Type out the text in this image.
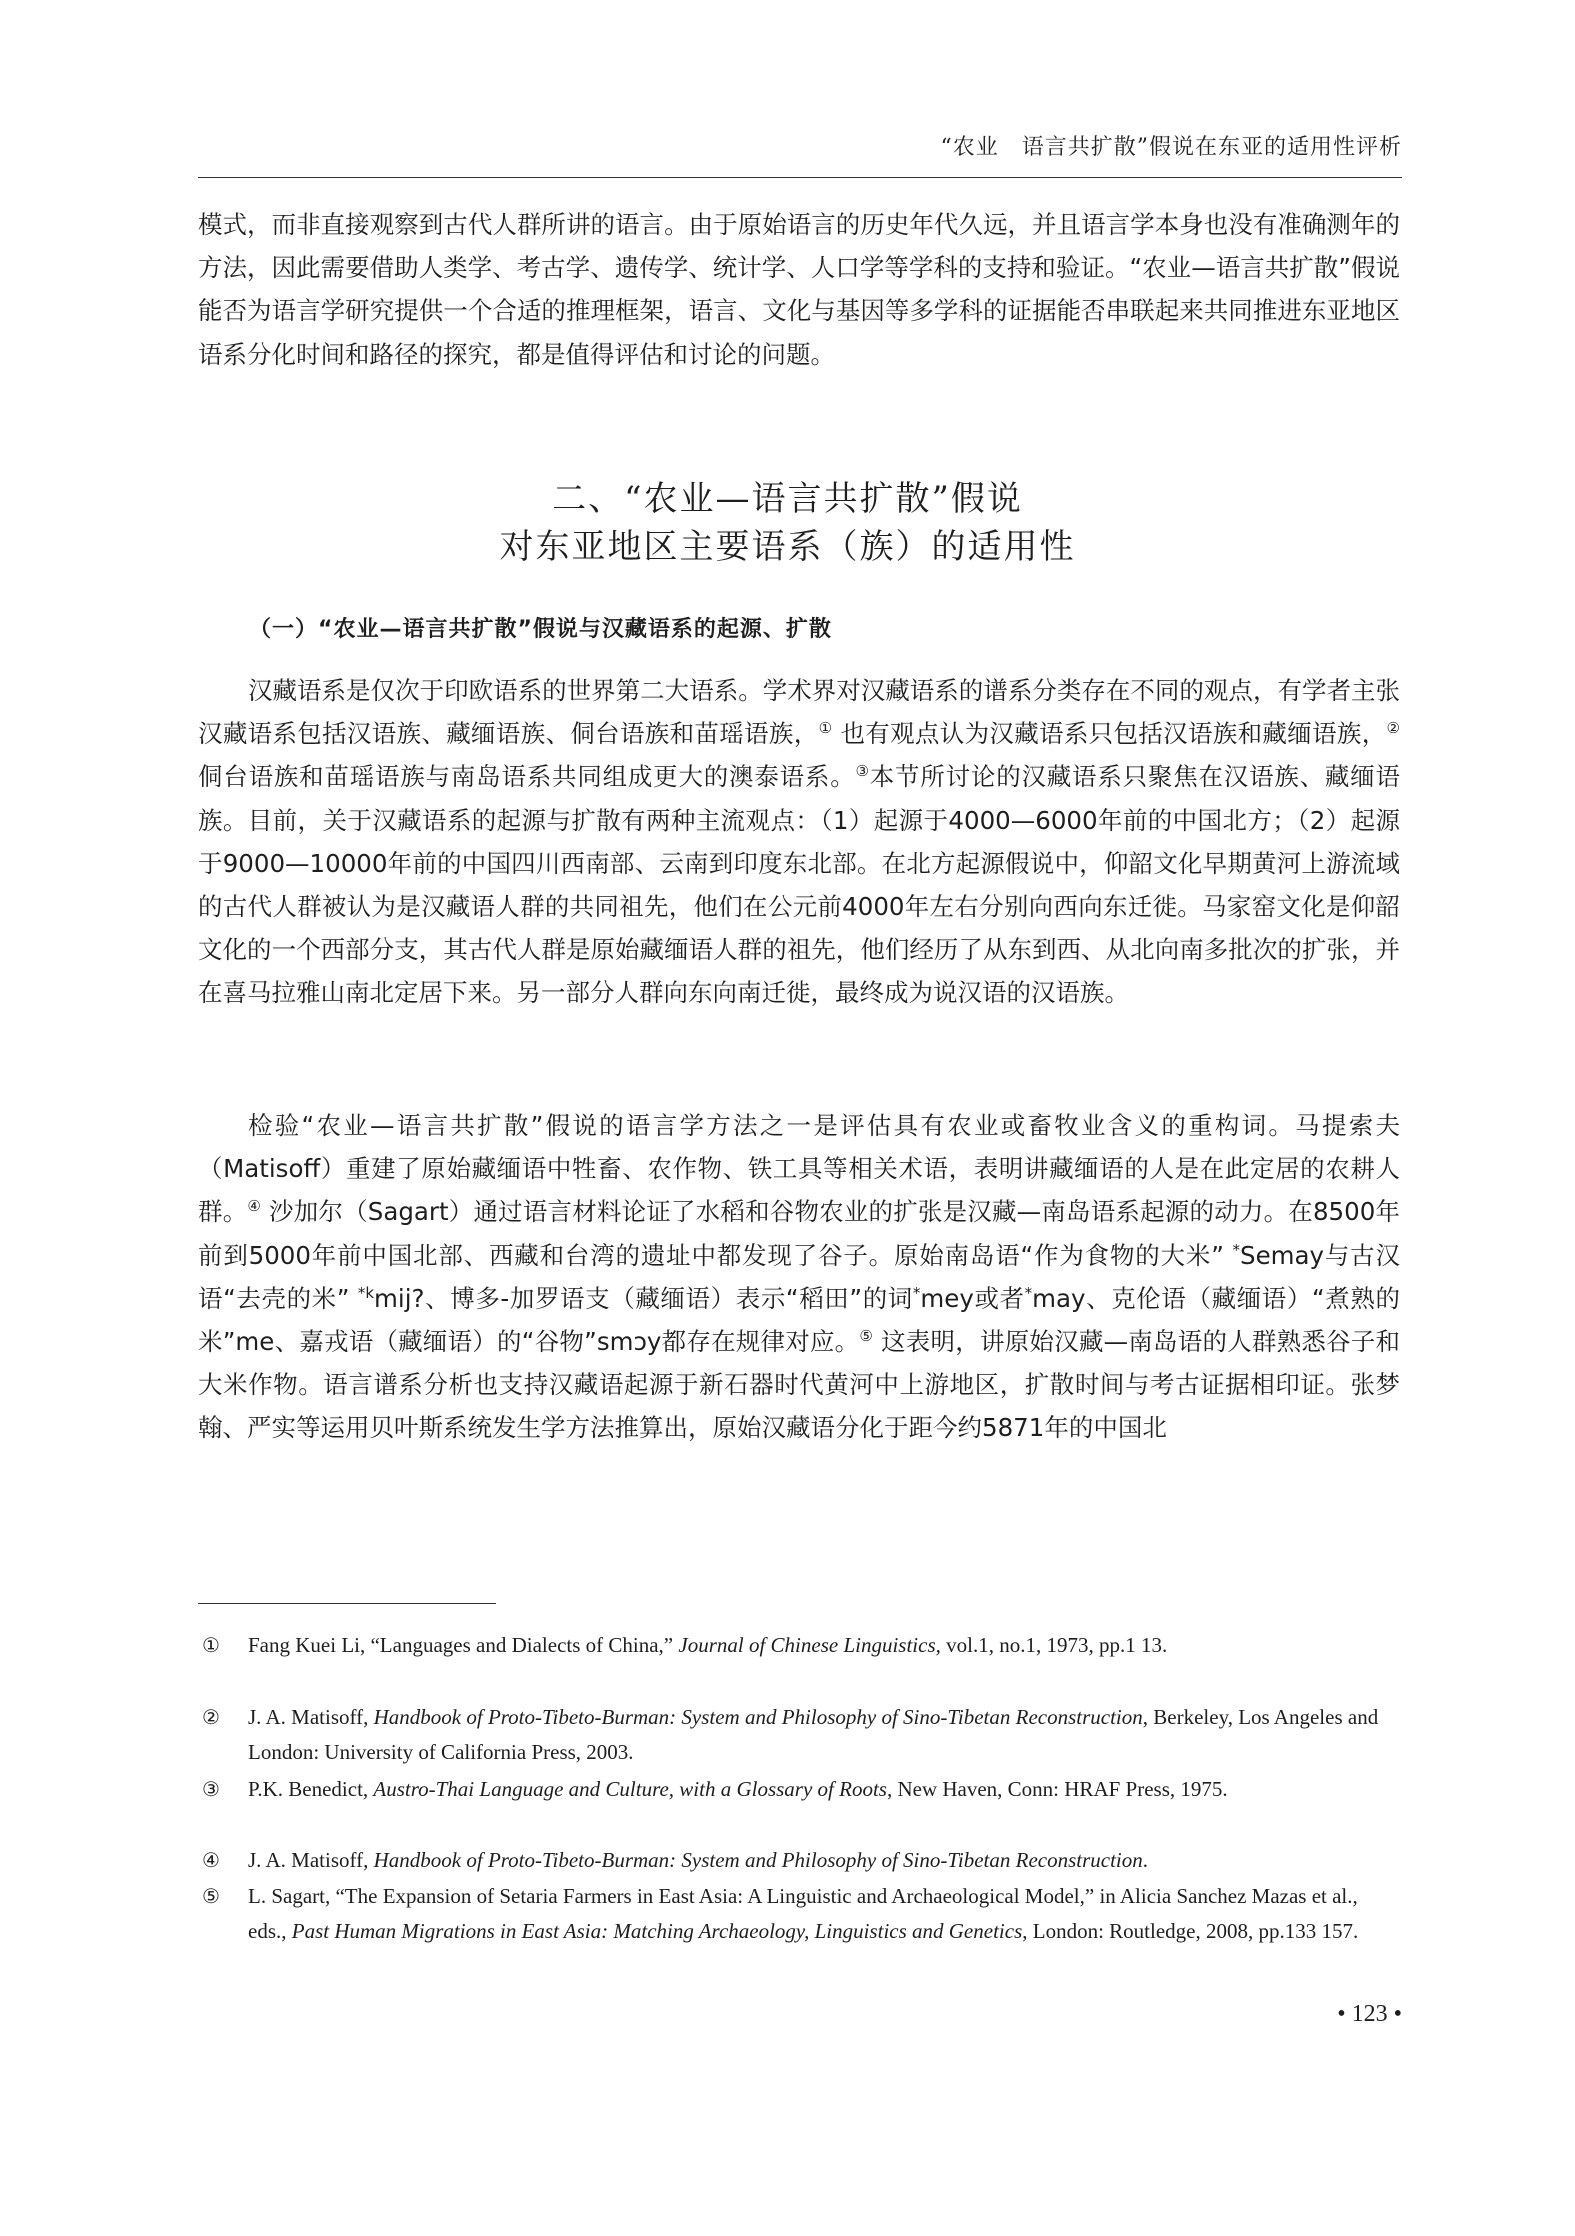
“农业　语言共扩散”假说在东亚的适用性评析

模式，而非直接观察到古代人群所讲的语言。由于原始语言的历史年代久远，并且语言学本身也没有准确测年的方法，因此需要借助人类学、考古学、遗传学、统计学、人口学等学科的支持和验证。“农业—语言共扩散”假说能否为语言学研究提供一个合适的推理框架，语言、文化与基因等多学科的证据能否串联起来共同推进东亚地区语系分化时间和路径的探究，都是值得评估和讨论的问题。

二、“农业—语言共扩散”假说
对东亚地区主要语系（族）的适用性
（一）“农业—语言共扩散”假说与汉藏语系的起源、扩散

汉藏语系是仅次于印欧语系的世界第二大语系。学术界对汉藏语系的谱系分类存在不同的观点，有学者主张汉藏语系包括汉语族、藏缅语族、侗台语族和苗瑶语族，① 也有观点认为汉藏语系只包括汉语族和藏缅语族，② 侗台语族和苗瑶语族与南岛语系共同组成更大的澳泰语系。③本节所讨论的汉藏语系只聚焦在汉语族、藏缅语族。目前，关于汉藏语系的起源与扩散有两种主流观点：（1）起源于4000—6000年前的中国北方；（2）起源于9000—10000年前的中国四川西南部、云南到印度东北部。在北方起源假说中，仰韶文化早期黄河上游流域的古代人群被认为是汉藏语人群的共同祖先，他们在公元前4000年左右分别向西向东迁徙。马家窑文化是仰韶文化的一个西部分支，其古代人群是原始藏缅语人群的祖先，他们经历了从东到西、从北向南多批次的扩张，并在喜马拉雅山南北定居下来。另一部分人群向东向南迁徙，最终成为说汉语的汉语族。

检验“农业—语言共扩散”假说的语言学方法之一是评估具有农业或畜牧业含义的重构词。马提索夫（Matisoff）重建了原始藏缅语中牲畜、农作物、铁工具等相关术语，表明讲藏缅语的人是在此定居的农耕人群。④ 沙加尔（Sagart）通过语言材料论证了水稻和谷物农业的扩张是汉藏—南岛语系起源的动力。在8500年前到5000年前中国北部、西藏和台湾的遗址中都发现了谷子。原始南岛语“作为食物的大米” *Semay与古汉语“去壳的米” $^{*k}$mij?、博多-加罗语支（藏缅语）表示“稻田”的词*mey或者*may、克伦语（藏缅语）“煮熟的米”me、嘉戎语（藏缅语）的“谷物”smɔy都存在规律对应。⑤ 这表明，讲原始汉藏—南岛语的人群熟悉谷子和大米作物。语言谱系分析也支持汉藏语起源于新石器时代黄河中上游地区，扩散时间与考古证据相印证。张梦翰、严实等运用贝叶斯系统发生学方法推算出，原始汉藏语分化于距今约5871年的中国北

① Fang Kuei Li, “Languages and Dialects of China,” Journal of Chinese Linguistics, vol.1, no.1, 1973, pp.1 13.

② J. A. Matisoff, Handbook of Proto-Tibeto-Burman: System and Philosophy of Sino-Tibetan Reconstruction, Berkeley, Los Angeles and London: University of California Press, 2003.

③ P.K. Benedict, Austro-Thai Language and Culture, with a Glossary of Roots, New Haven, Conn: HRAF Press, 1975.

④ J. A. Matisoff, Handbook of Proto-Tibeto-Burman: System and Philosophy of Sino-Tibetan Reconstruction.

⑤ L. Sagart, “The Expansion of Setaria Farmers in East Asia: A Linguistic and Archaeological Model,” in Alicia Sanchez Mazas et al., eds., Past Human Migrations in East Asia: Matching Archaeology, Linguistics and Genetics, London: Routledge, 2008, pp.133 157.

• 123 •
